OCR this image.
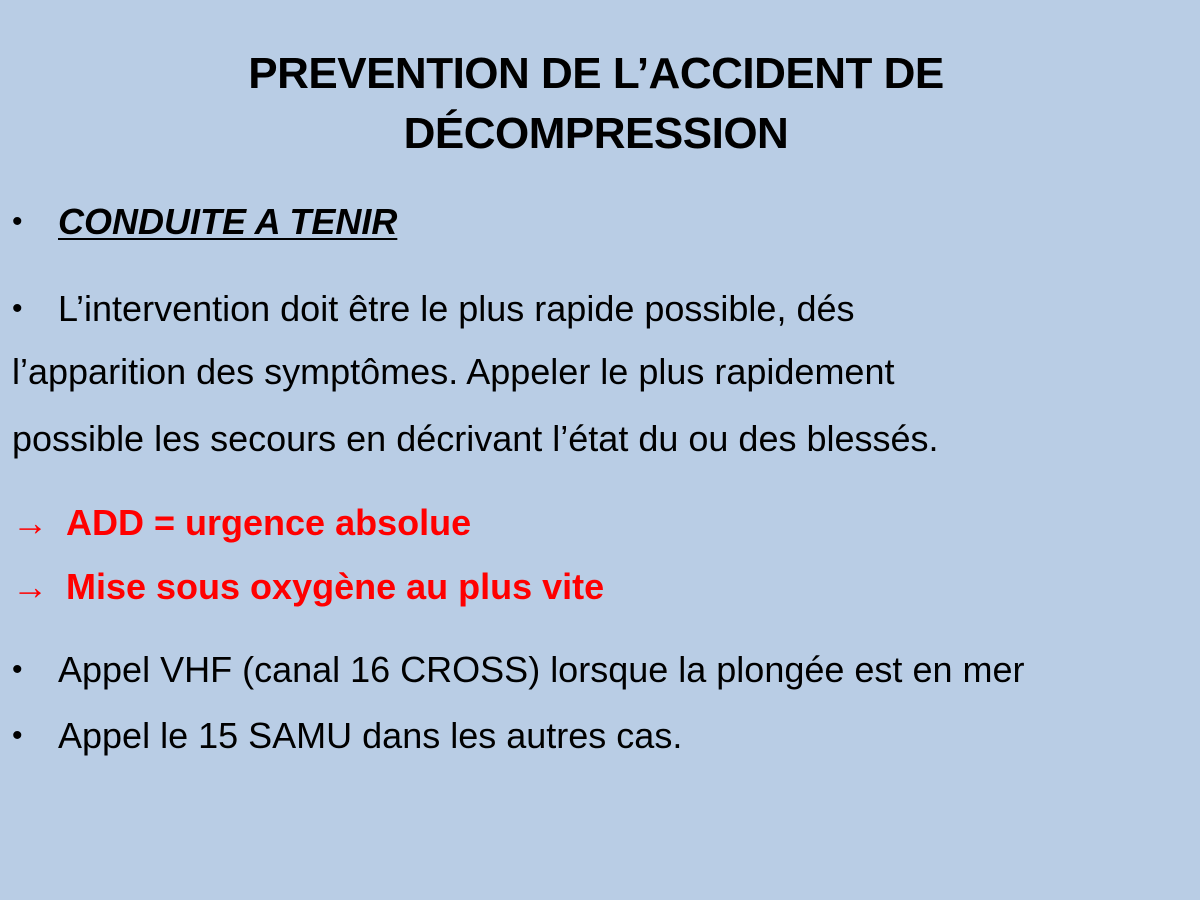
PREVENTION DE L’ACCIDENT DE
DÉCOMPRESSION
• CONDUITE A TENIR
• L’intervention doit être le plus rapide possible, dés
l’apparition des symptômes. Appeler le plus rapidement
possible les secours en décrivant l’état du ou des blessés.
→ ADD = urgence absolue
→ Mise sous oxygène au plus vite
• Appel VHF (canal 16 CROSS) lorsque la plongée est en mer
• Appel le 15 SAMU dans les autres cas.
